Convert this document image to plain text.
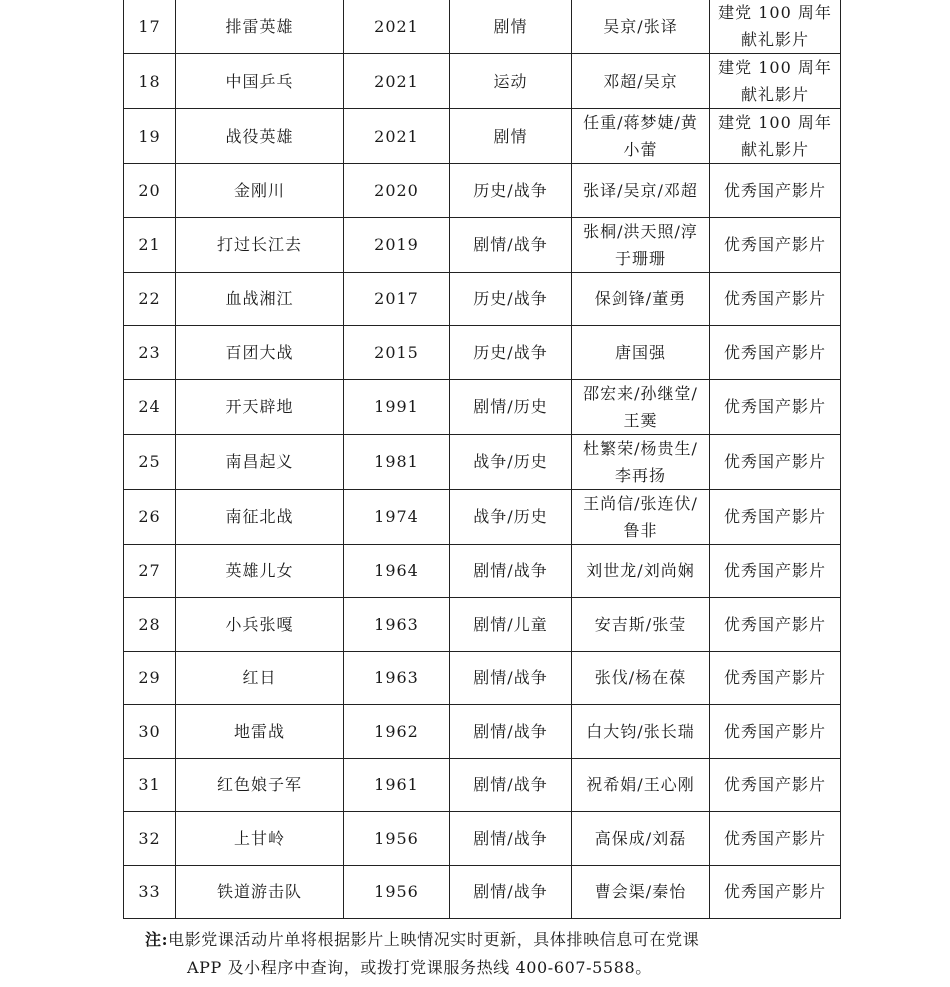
17	排雷英雄	2021	剧情	吴京/张译	建党 100 周年献礼影片
18	中国乒乓	2021	运动	邓超/吴京	建党 100 周年献礼影片
19	战役英雄	2021	剧情	任重/蒋梦婕/黄小蕾	建党 100 周年献礼影片
20	金刚川	2020	历史/战争	张译/吴京/邓超	优秀国产影片
21	打过长江去	2019	剧情/战争	张桐/洪天照/淳于珊珊	优秀国产影片
22	血战湘江	2017	历史/战争	保剑锋/董勇	优秀国产影片
23	百团大战	2015	历史/战争	唐国强	优秀国产影片
24	开天辟地	1991	剧情/历史	邵宏来/孙继堂/王霙	优秀国产影片
25	南昌起义	1981	战争/历史	杜繁荣/杨贵生/李再扬	优秀国产影片
26	南征北战	1974	战争/历史	王尚信/张连伏/鲁非	优秀国产影片
27	英雄儿女	1964	剧情/战争	刘世龙/刘尚娴	优秀国产影片
28	小兵张嘎	1963	剧情/儿童	安吉斯/张莹	优秀国产影片
29	红日	1963	剧情/战争	张伐/杨在葆	优秀国产影片
30	地雷战	1962	剧情/战争	白大钧/张长瑞	优秀国产影片
31	红色娘子军	1961	剧情/战争	祝希娟/王心刚	优秀国产影片
32	上甘岭	1956	剧情/战争	高保成/刘磊	优秀国产影片
33	铁道游击队	1956	剧情/战争	曹会渠/秦怡	优秀国产影片
注:电影党课活动片单将根据影片上映情况实时更新，具体排映信息可在党课
APP 及小程序中查询，或拨打党课服务热线 400-607-5588。
